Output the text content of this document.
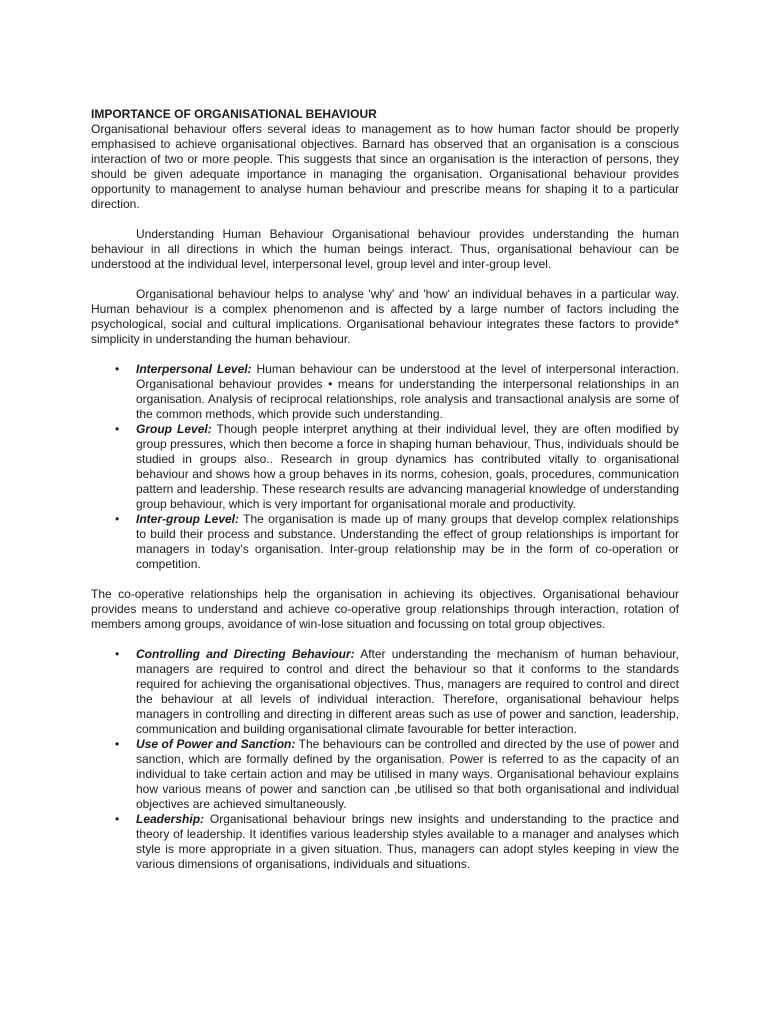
IMPORTANCE OF ORGANISATIONAL BEHAVIOUR

Organisational behaviour offers several ideas to management as to how human factor should be properly emphasised to achieve organisational objectives. Barnard has observed that an organisation is a conscious interaction of two or more people. This suggests that since an organisation is the interaction of persons, they should be given adequate importance in managing the organisation. Organisational behaviour provides opportunity to management to analyse human behaviour and prescribe means for shaping it to a particular direction.

Understanding Human Behaviour Organisational behaviour provides understanding the human behaviour in all directions in which the human beings interact. Thus, organisational behaviour can be understood at the individual level, interpersonal level, group level and inter-group level.

Organisational behaviour helps to analyse 'why' and 'how' an individual behaves in a particular way. Human behaviour is a complex phenomenon and is affected by a large number of factors including the psychological, social and cultural implications. Organisational behaviour integrates these factors to provide* simplicity in understanding the human behaviour.

• Interpersonal Level: Human behaviour can be understood at the level of interpersonal interaction. Organisational behaviour provides • means for understanding the interpersonal relationships in an organisation. Analysis of reciprocal relationships, role analysis and transactional analysis are some of the common methods, which provide such understanding.
• Group Level: Though people interpret anything at their individual level, they are often modified by group pressures, which then become a force in shaping human behaviour, Thus, individuals should be studied in groups also.. Research in group dynamics has contributed vitally to organisational behaviour and shows how a group behaves in its norms, cohesion, goals, procedures, communication pattern and leadership. These research results are advancing managerial knowledge of understanding group behaviour, which is very important for organisational morale and productivity.
• Inter-group Level: The organisation is made up of many groups that develop complex relationships to build their process and substance. Understanding the effect of group relationships is important for managers in today's organisation. Inter-group relationship may be in the form of co-operation or competition.

The co-operative relationships help the organisation in achieving its objectives. Organisational behaviour provides means to understand and achieve co-operative group relationships through interaction, rotation of members among groups, avoidance of win-lose situation and focussing on total group objectives.

• Controlling and Directing Behaviour: After understanding the mechanism of human behaviour, managers are required to control and direct the behaviour so that it conforms to the standards required for achieving the organisational objectives. Thus, managers are required to control and direct the behaviour at all levels of individual interaction. Therefore, organisational behaviour helps managers in controlling and directing in different areas such as use of power and sanction, leadership, communication and building organisational climate favourable for better interaction.
• Use of Power and Sanction: The behaviours can be controlled and directed by the use of power and sanction, which are formally defined by the organisation. Power is referred to as the capacity of an individual to take certain action and may be utilised in many ways. Organisational behaviour explains how various means of power and sanction can ,be utilised so that both organisational and individual objectives are achieved simultaneously.
• Leadership: Organisational behaviour brings new insights and understanding to the practice and theory of leadership. It identifies various leadership styles available to a manager and analyses which style is more appropriate in a given situation. Thus, managers can adopt styles keeping in view the various dimensions of organisations, individuals and situations.
